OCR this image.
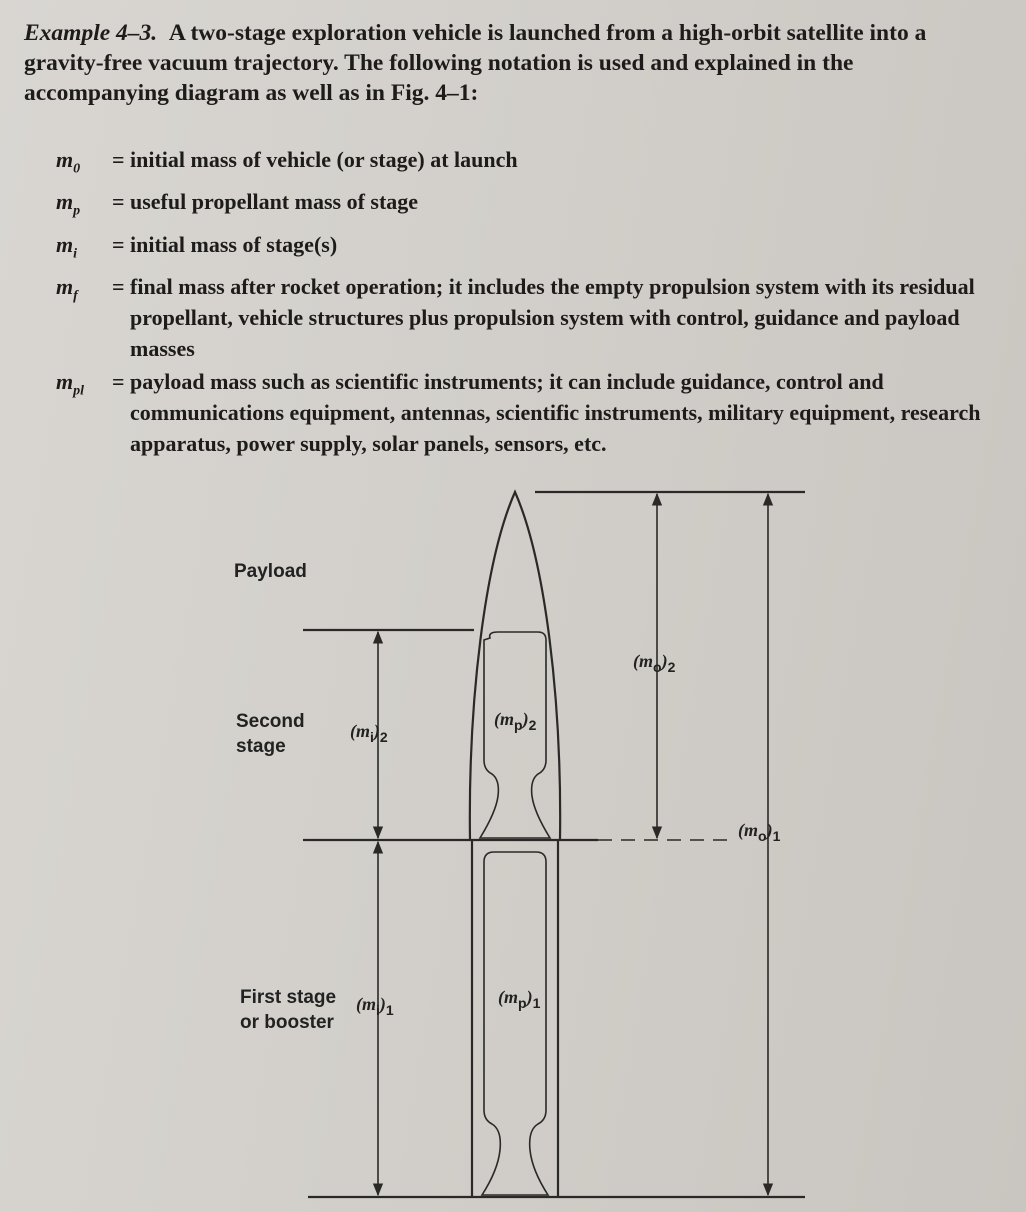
Example 4–3. A two-stage exploration vehicle is launched from a high-orbit satellite into a gravity-free vacuum trajectory. The following notation is used and explained in the accompanying diagram as well as in Fig. 4–1:
$m_0$	= initial mass of vehicle (or stage) at launch
$m_p$	= useful propellant mass of stage
$m_i$	= initial mass of stage(s)
$m_f$	= final mass after rocket operation; it includes the empty propulsion system with its residual propellant, vehicle structures plus propulsion system with control, guidance and payload masses
$m_{pl}$	= payload mass such as scientific instruments; it can include guidance, control and communications equipment, antennas, scientific instruments, military equipment, research apparatus, power supply, solar panels, sensors, etc.
Payload
Second
stage
First stage
or booster
$(m_i)_2$
$(m_p)_2$
$(m_o)_2$
$(m_o)_1$
$(m_i)_1$
$(m_p)_1$
